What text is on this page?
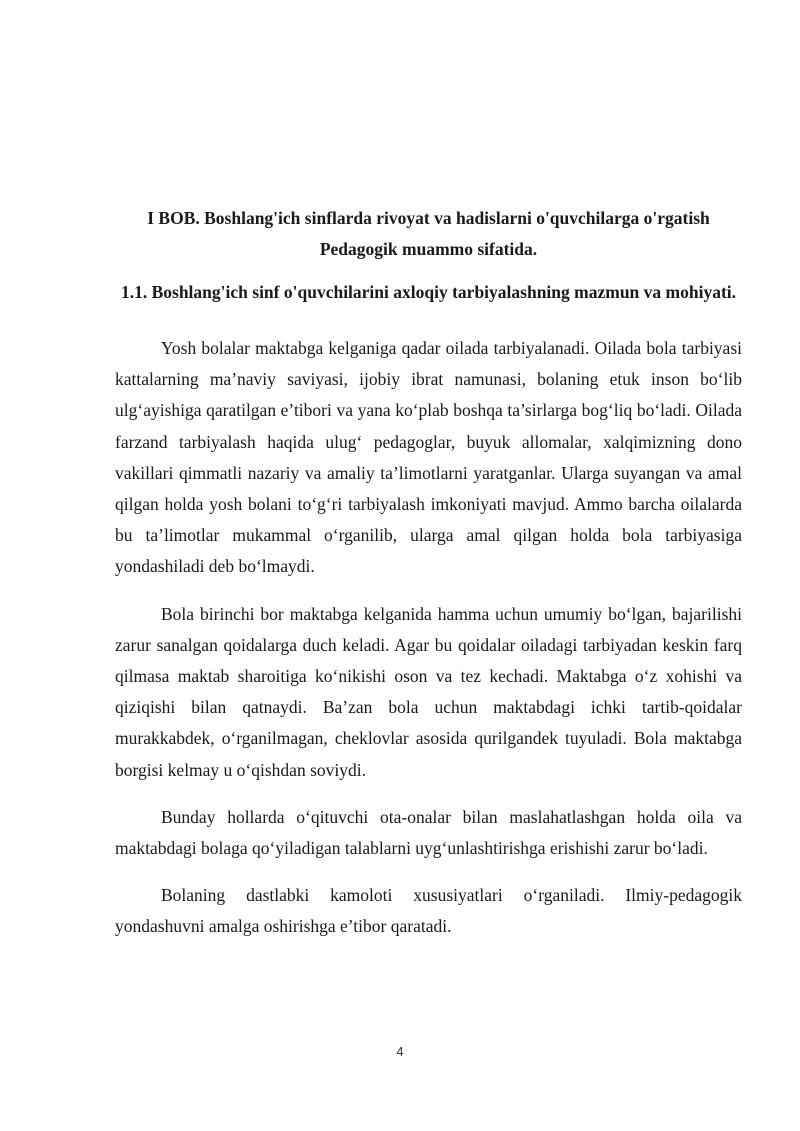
I BOB. Boshlang'ich sinflarda rivoyat va hadislarni o'quvchilarga o'rgatish Pedagogik muammo sifatida.
1.1. Boshlang'ich sinf o'quvchilarini axloqiy tarbiyalashning mazmun va mohiyati.

Yosh bolalar maktabga kelganiga qadar oilada tarbiyalanadi. Oilada bola tarbiyasi kattalarning ma’naviy saviyasi, ijobiy ibrat namunasi, bolaning etuk inson bo‘lib ulg‘ayishiga qaratilgan e’tibori va yana ko‘plab boshqa ta’sirlarga bog‘liq bo‘ladi. Oilada farzand tarbiyalash haqida ulug‘ pedagoglar, buyuk allomalar, xalqimizning dono vakillari qimmatli nazariy va amaliy ta’limotlarni yaratganlar. Ularga suyangan va amal qilgan holda yosh bolani to‘g‘ri tarbiyalash imkoniyati mavjud. Ammo barcha oilalarda bu ta’limotlar mukammal o‘rganilib, ularga amal qilgan holda bola tarbiyasiga yondashiladi deb bo‘lmaydi.

Bola birinchi bor maktabga kelganida hamma uchun umumiy bo‘lgan, bajarilishi zarur sanalgan qoidalarga duch keladi. Agar bu qoidalar oiladagi tarbiyadan keskin farq qilmasa maktab sharoitiga ko‘nikishi oson va tez kechadi. Maktabga o‘z xohishi va qiziqishi bilan qatnaydi. Ba’zan bola uchun maktabdagi ichki tartib-qoidalar murakkabdek, o‘rganilmagan, cheklovlar asosida qurilgandek tuyuladi. Bola maktabga borgisi kelmay u o‘qishdan soviydi.

Bunday hollarda o‘qituvchi ota-onalar bilan maslahatlashgan holda oila va maktabdagi bolaga qo‘yiladigan talablarni uyg‘unlashtirishga erishishi zarur bo‘ladi.

Bolaning dastlabki kamoloti xususiyatlari o‘rganiladi. Ilmiy-pedagogik yondashuvni amalga oshirishga e’tibor qaratadi.

4
